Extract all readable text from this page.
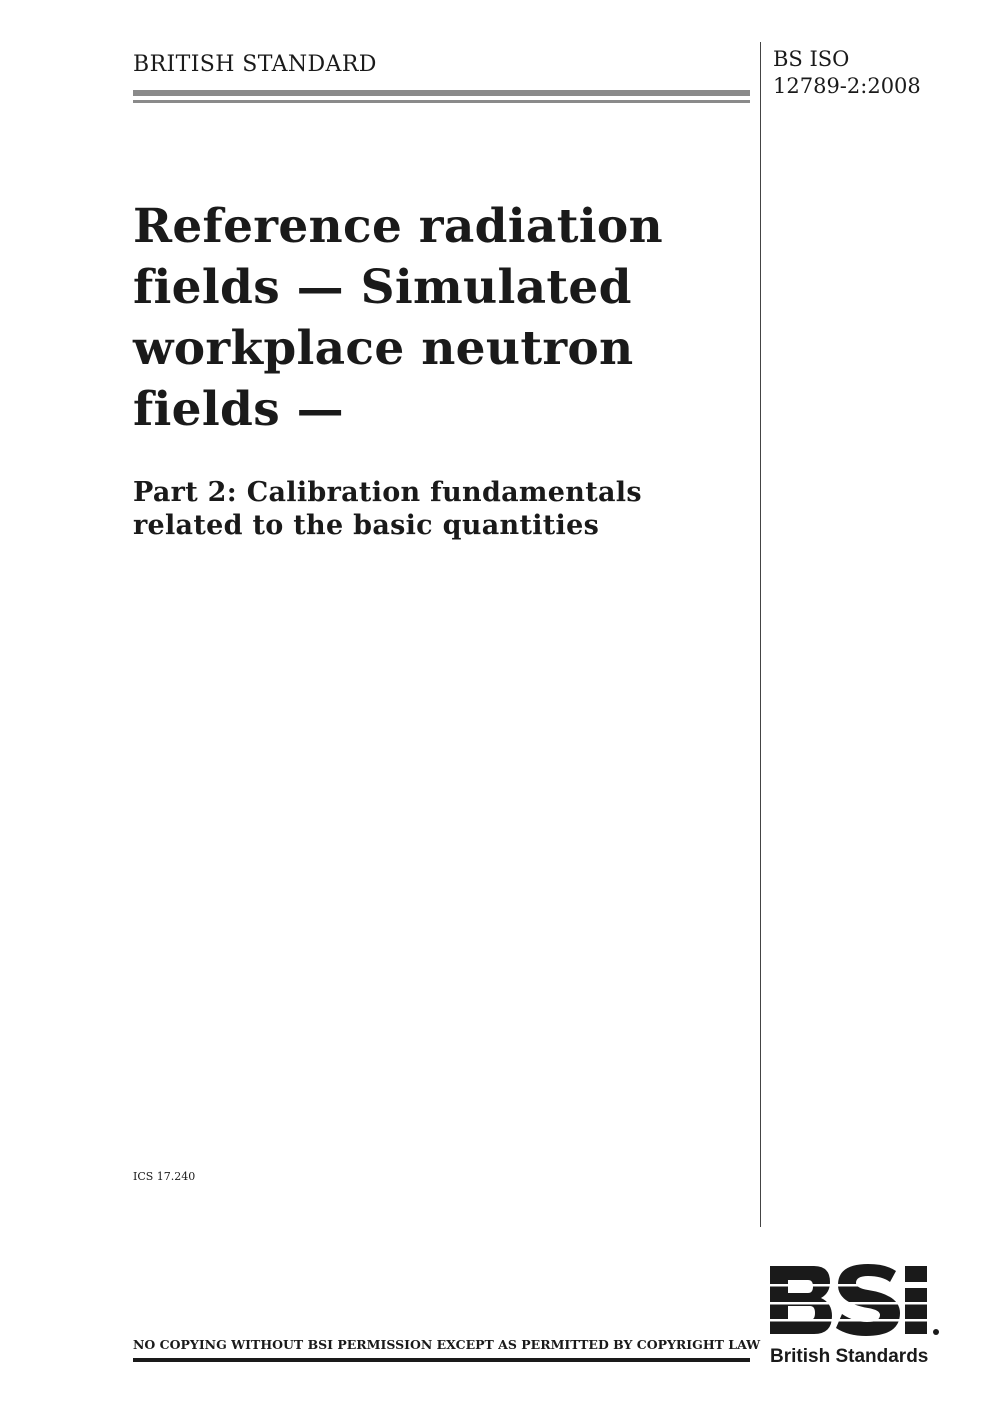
BRITISH STANDARD	BS ISO
12789-2:2008
Reference radiation
fields — Simulated
workplace neutron
fields —
Part 2: Calibration fundamentals
related to the basic quantities
ICS 17.240
NO COPYING WITHOUT BSI PERMISSION EXCEPT AS PERMITTED BY COPYRIGHT LAW
British Standards
